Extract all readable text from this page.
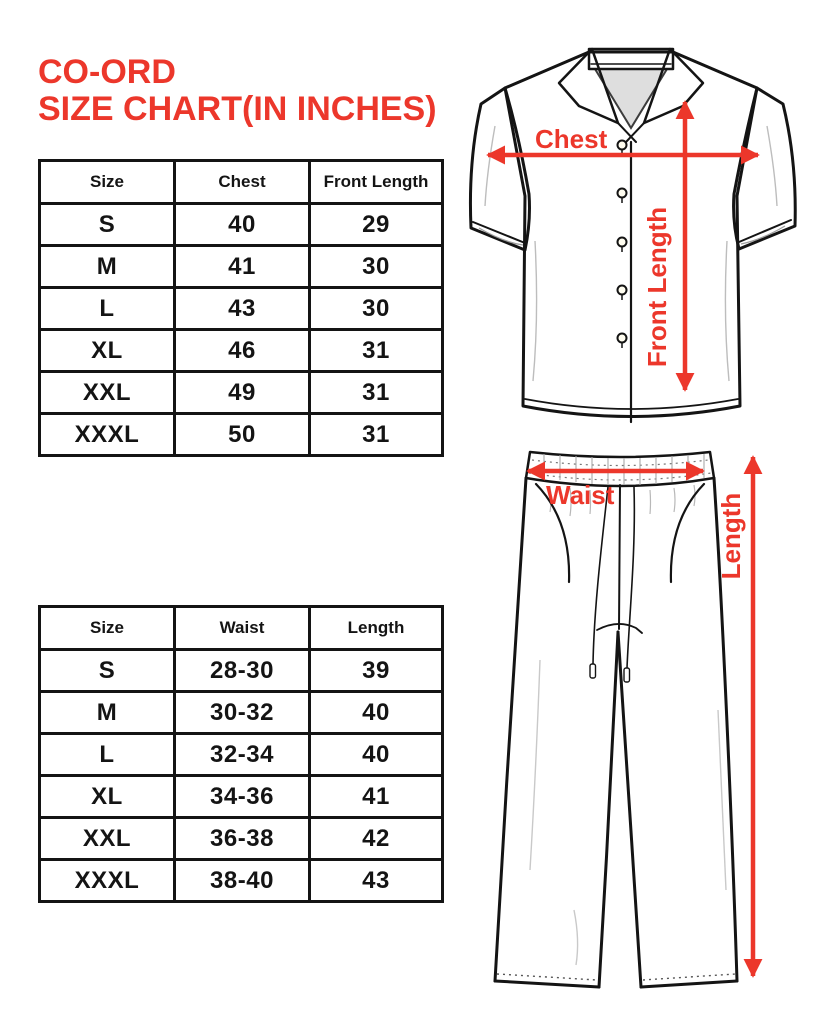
CO-ORD
SIZE CHART(IN INCHES)
Size	Chest	Front Length
S	40	29
M	41	30
L	43	30
XL	46	31
XXL	49	31
XXXL	50	31
Size	Waist	Length
S	28-30	39
M	30-32	40
L	32-34	40
XL	34-36	41
XXL	36-38	42
XXXL	38-40	43
Chest
Front Length
Waist	Length
